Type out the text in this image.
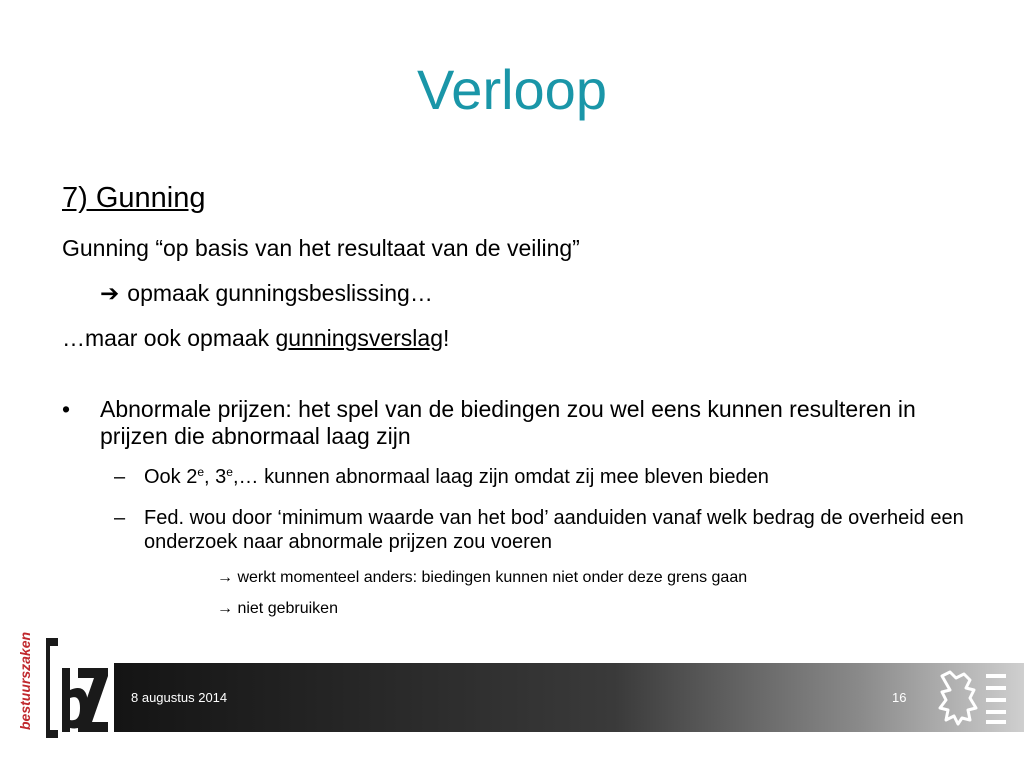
Verloop
7) Gunning
Gunning “op basis van het resultaat van de veiling”
➔ opmaak gunningsbeslissing…
…maar ook opmaak gunningsverslag!
• Abnormale prijzen: het spel van de biedingen zou wel eens kunnen resulteren in prijzen die abnormaal laag zijn
– Ook 2e, 3e,… kunnen abnormaal laag zijn omdat zij mee bleven bieden
– Fed. wou door ‘minimum waarde van het bod’ aanduiden vanaf welk bedrag de overheid een onderzoek naar abnormale prijzen zou voeren
→ werkt momenteel anders: biedingen kunnen niet onder deze grens gaan
→ niet gebruiken
8 augustus 2014	16
bestuurszaken
